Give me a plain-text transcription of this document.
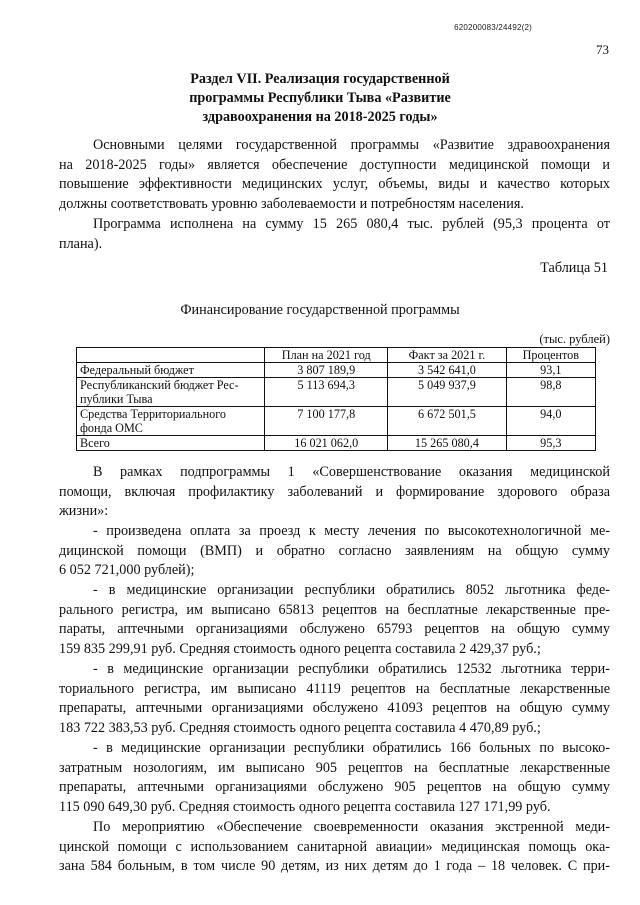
620200083/24492(2)
73
Раздел VII. Реализация государственной
программы Республики Тыва «Развитие
здравоохранения на 2018-2025 годы»
Основными целями государственной программы «Развитие здравоохранения
на 2018-2025 годы» является обеспечение доступности медицинской помощи и
повышение эффективности медицинских услуг, объемы, виды и качество которых
должны соответствовать уровню заболеваемости и потребностям населения.
Программа исполнена на сумму 15 265 080,4 тыс. рублей (95,3 процента от
плана).
Таблица 51
Финансирование государственной программы
(тыс. рублей)
	План на 2021 год	Факт за 2021 г.	Процентов
Федеральный бюджет	3 807 189,9	3 542 641,0	93,1
Республиканский бюджет Рес-
публики Тыва	5 113 694,3	5 049 937,9	98,8
Средства Территориального
фонда ОМС	7 100 177,8	6 672 501,5	94,0
Всего	16 021 062,0	15 265 080,4	95,3
В рамках подпрограммы 1 «Совершенствование оказания медицинской
помощи, включая профилактику заболеваний и формирование здорового образа
жизни»:
- произведена оплата за проезд к месту лечения по высокотехнологичной ме-
дицинской помощи (ВМП) и обратно согласно заявлениям на общую сумму
6 052 721,000 рублей);
- в медицинские организации республики обратились 8052 льготника феде-
рального регистра, им выписано 65813 рецептов на бесплатные лекарственные пре-
параты, аптечными организациями обслужено 65793 рецептов на общую сумму
159 835 299,91 руб. Средняя стоимость одного рецепта составила 2 429,37 руб.;
- в медицинские организации республики обратились 12532 льготника терри-
ториального регистра, им выписано 41119 рецептов на бесплатные лекарственные
препараты, аптечными организациями обслужено 41093 рецептов на общую сумму
183 722 383,53 руб. Средняя стоимость одного рецепта составила 4 470,89 руб.;
- в медицинские организации республики обратились 166 больных по высоко-
затратным нозологиям, им выписано 905 рецептов на бесплатные лекарственные
препараты, аптечными организациями обслужено 905 рецептов на общую сумму
115 090 649,30 руб. Средняя стоимость одного рецепта составила 127 171,99 руб.
По мероприятию «Обеспечение своевременности оказания экстренной меди-
цинской помощи с использованием санитарной авиации» медицинская помощь ока-
зана 584 больным, в том числе 90 детям, из них детям до 1 года – 18 человек. С при-
